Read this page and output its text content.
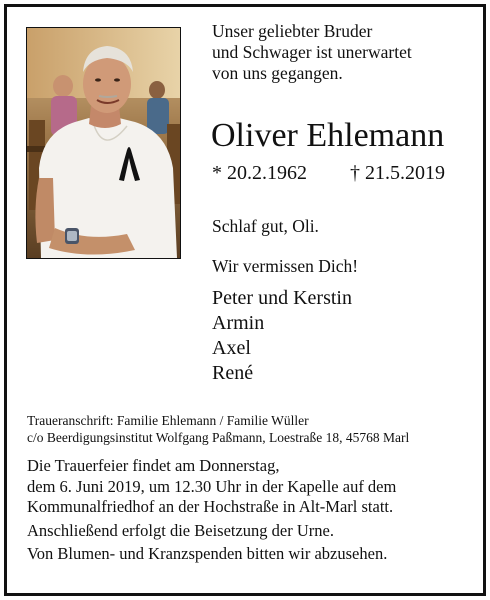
Unser geliebter Bruder
und Schwager ist unerwartet
von uns gegangen.
Oliver Ehlemann
* 20.2.1962 † 21.5.2019
Schlaf gut, Oli.
Wir vermissen Dich!
Peter und Kerstin
Armin
Axel
René
Traueranschrift: Familie Ehlemann / Familie Wüller
c/o Beerdigungsinstitut Wolfgang Paßmann, Loestraße 18, 45768 Marl
Die Trauerfeier findet am Donnerstag,
dem 6. Juni 2019, um 12.30 Uhr in der Kapelle auf dem
Kommunalfriedhof an der Hochstraße in Alt-Marl statt.
Anschließend erfolgt die Beisetzung der Urne.
Von Blumen- und Kranzspenden bitten wir abzusehen.
